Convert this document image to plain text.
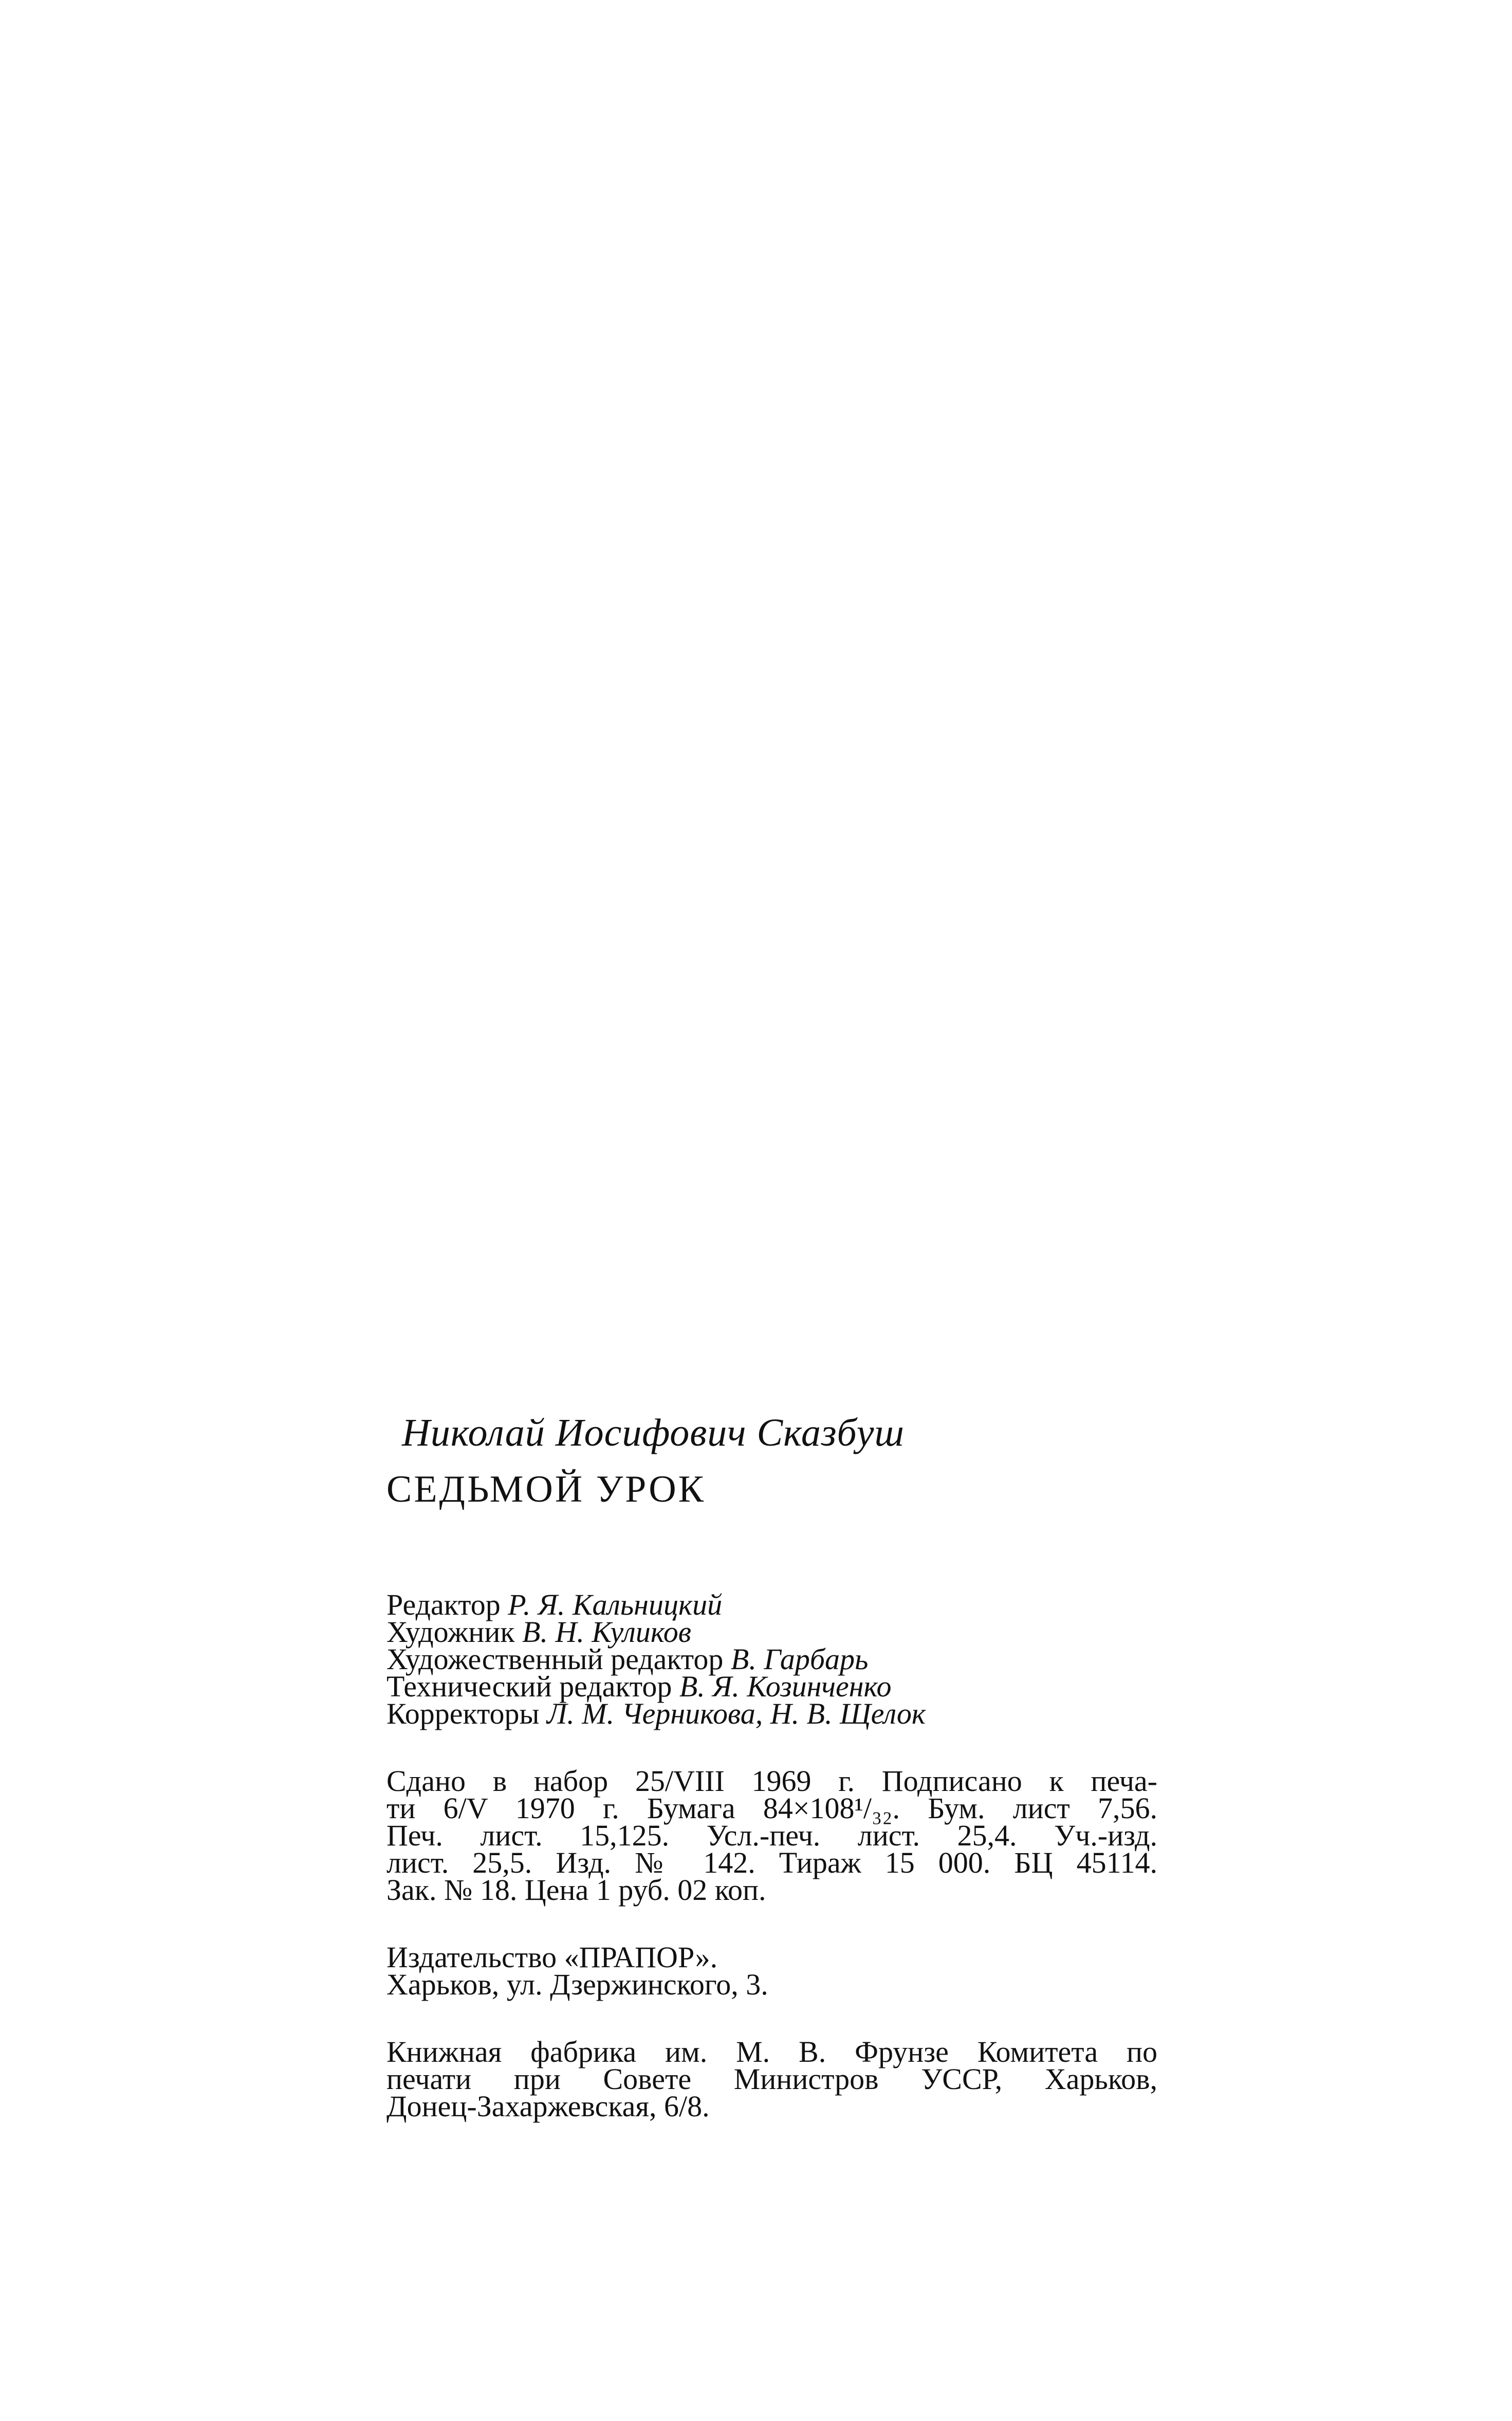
Николай Иосифович Сказбуш
СЕДЬМОЙ УРОК
Редактор Р. Я. Кальницкий
Художник В. Н. Куликов
Художественный редактор В. Гарбарь
Технический редактор В. Я. Козинченко
Корректоры Л. М. Черникова, Н. В. Щелок
Сдано в набор 25/VIII 1969 г. Подписано к печа-
ти 6/V 1970 г. Бумага 84×108¹/₃₂. Бум. лист 7,56.
Печ. лист. 15,125. Усл.-печ. лист. 25,4. Уч.-изд.
лист. 25,5. Изд. № 142. Тираж 15 000. БЦ 45114.
Зак. № 18. Цена 1 руб. 02 коп.
Издательство «ПРАПОР».
Харьков, ул. Дзержинского, 3.
Книжная фабрика им. М. В. Фрунзе Комитета по
печати при Совете Министров УССР, Харьков,
Донец-Захаржевская, 6/8.
